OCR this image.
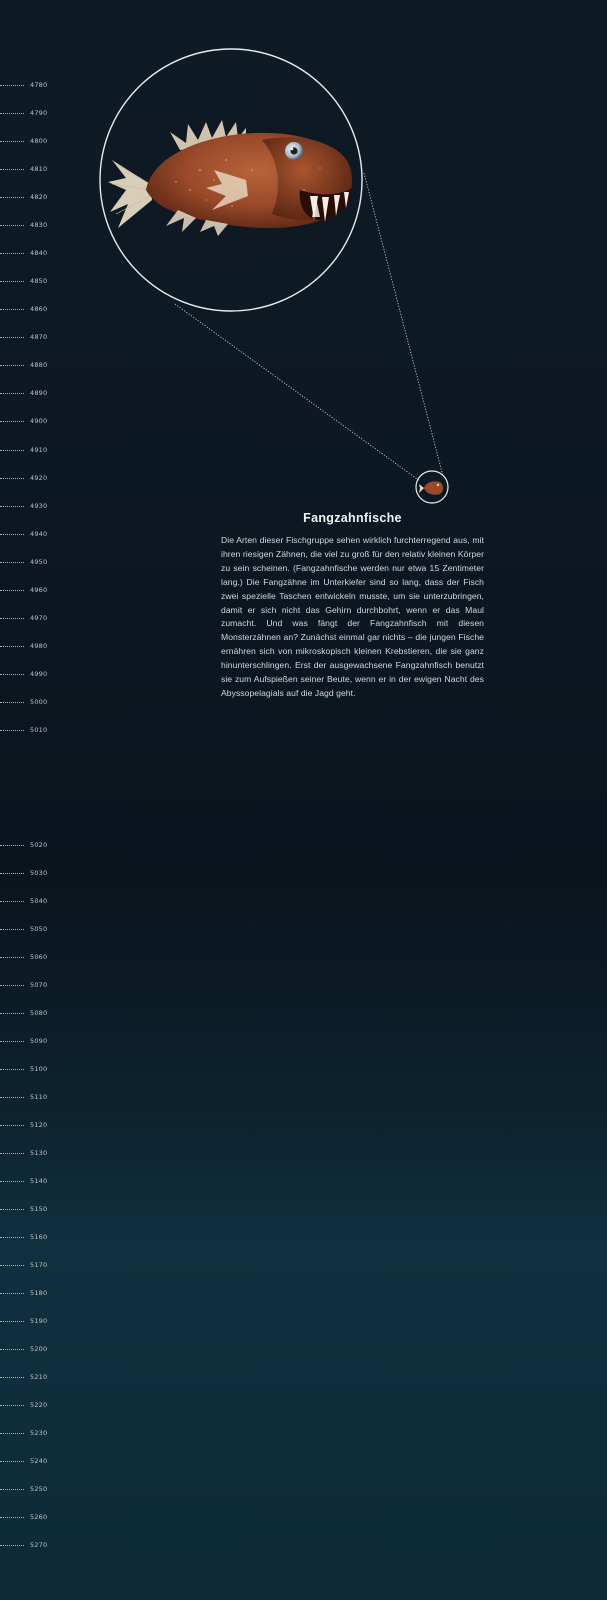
4780
4790
4800
4810
4820
4830
4840
4850
4860
4870
4880
4890
4900
4910
4920
4930
4940
4950
4960
4970
4980
4990
5000
5010
5020
5030
5040
5050
5060
5070
5080
5090
5100
5110
5120
5130
5140
5150
5160
5170
5180
5190
5200
5210
5220
5230
5240
5250
5260
5270
Fangzahnfische

Die Arten dieser Fischgruppe sehen wirklich furchterregend aus, mit ihren riesigen Zähnen, die viel zu groß für den relativ kleinen Körper zu sein scheinen. (Fangzahnfische werden nur etwa 15 Zentimeter lang.) Die Fangzähne im Unterkiefer sind so lang, dass der Fisch zwei spezielle Taschen entwickeln musste, um sie unterzubringen, damit er sich nicht das Gehirn durchbohrt, wenn er das Maul zumacht. Und was fängt der Fangzahnfisch mit diesen Monsterzähnen an? Zunächst einmal gar nichts – die jungen Fische ernähren sich von mikroskopisch kleinen Krebstieren, die sie ganz hinunterschlingen. Erst der ausgewachsene Fangzahnfisch benutzt sie zum Aufspießen seiner Beute, wenn er in der ewigen Nacht des Abyssopelagials auf die Jagd geht.
